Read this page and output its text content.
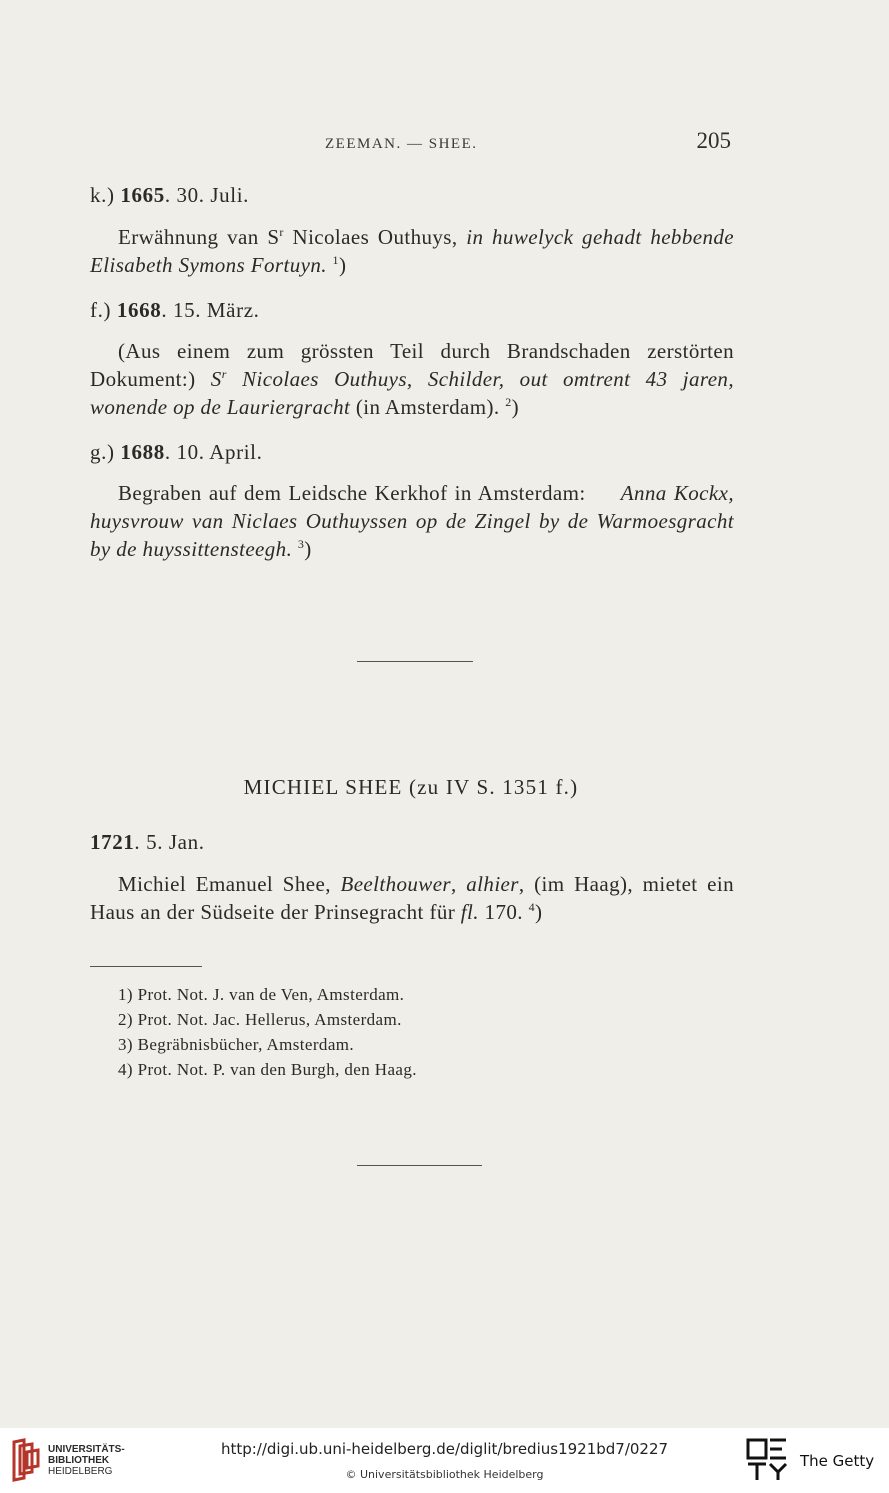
ZEEMAN. — SHEE.	205
k.) 1665. 30. Juli.
Erwähnung van $S^r$ Nicolaes Outhuys, in huwelyck gehadt hebbende Elisabeth Symons Fortuyn. $^1$)
f.) 1668. 15. März.
(Aus einem zum grössten Teil durch Brandschaden zerstörten Dokument:) $S^r$ Nicolaes Outhuys, Schilder, out omtrent 43 jaren, wonende op de Lauriergracht (in Amsterdam). $^2$)
g.) 1688. 10. April.
Begraben auf dem Leidsche Kerkhof in Amsterdam: Anna Kockx, huysvrouw van Niclaes Outhuyssen op de Zingel by de Warmoesgracht by de huyssittensteegh. $^3$)
MICHIEL SHEE (zu IV S. 1351 f.)
1721. 5. Jan.
Michiel Emanuel Shee, Beelthouwer, alhier, (im Haag), mietet ein Haus an der Südseite der Prinsegracht für fl. 170. $^4$)
1) Prot. Not. J. van de Ven, Amsterdam.
2) Prot. Not. Jac. Hellerus, Amsterdam.
3) Begräbnisbücher, Amsterdam.
4) Prot. Not. P. van den Burgh, den Haag.
UNIVERSITÄTS-
BIBLIOTHEK
HEIDELBERG
http://digi.ub.uni-heidelberg.de/diglit/bredius1921bd7/0227
© Universitätsbibliothek Heidelberg
The Getty
